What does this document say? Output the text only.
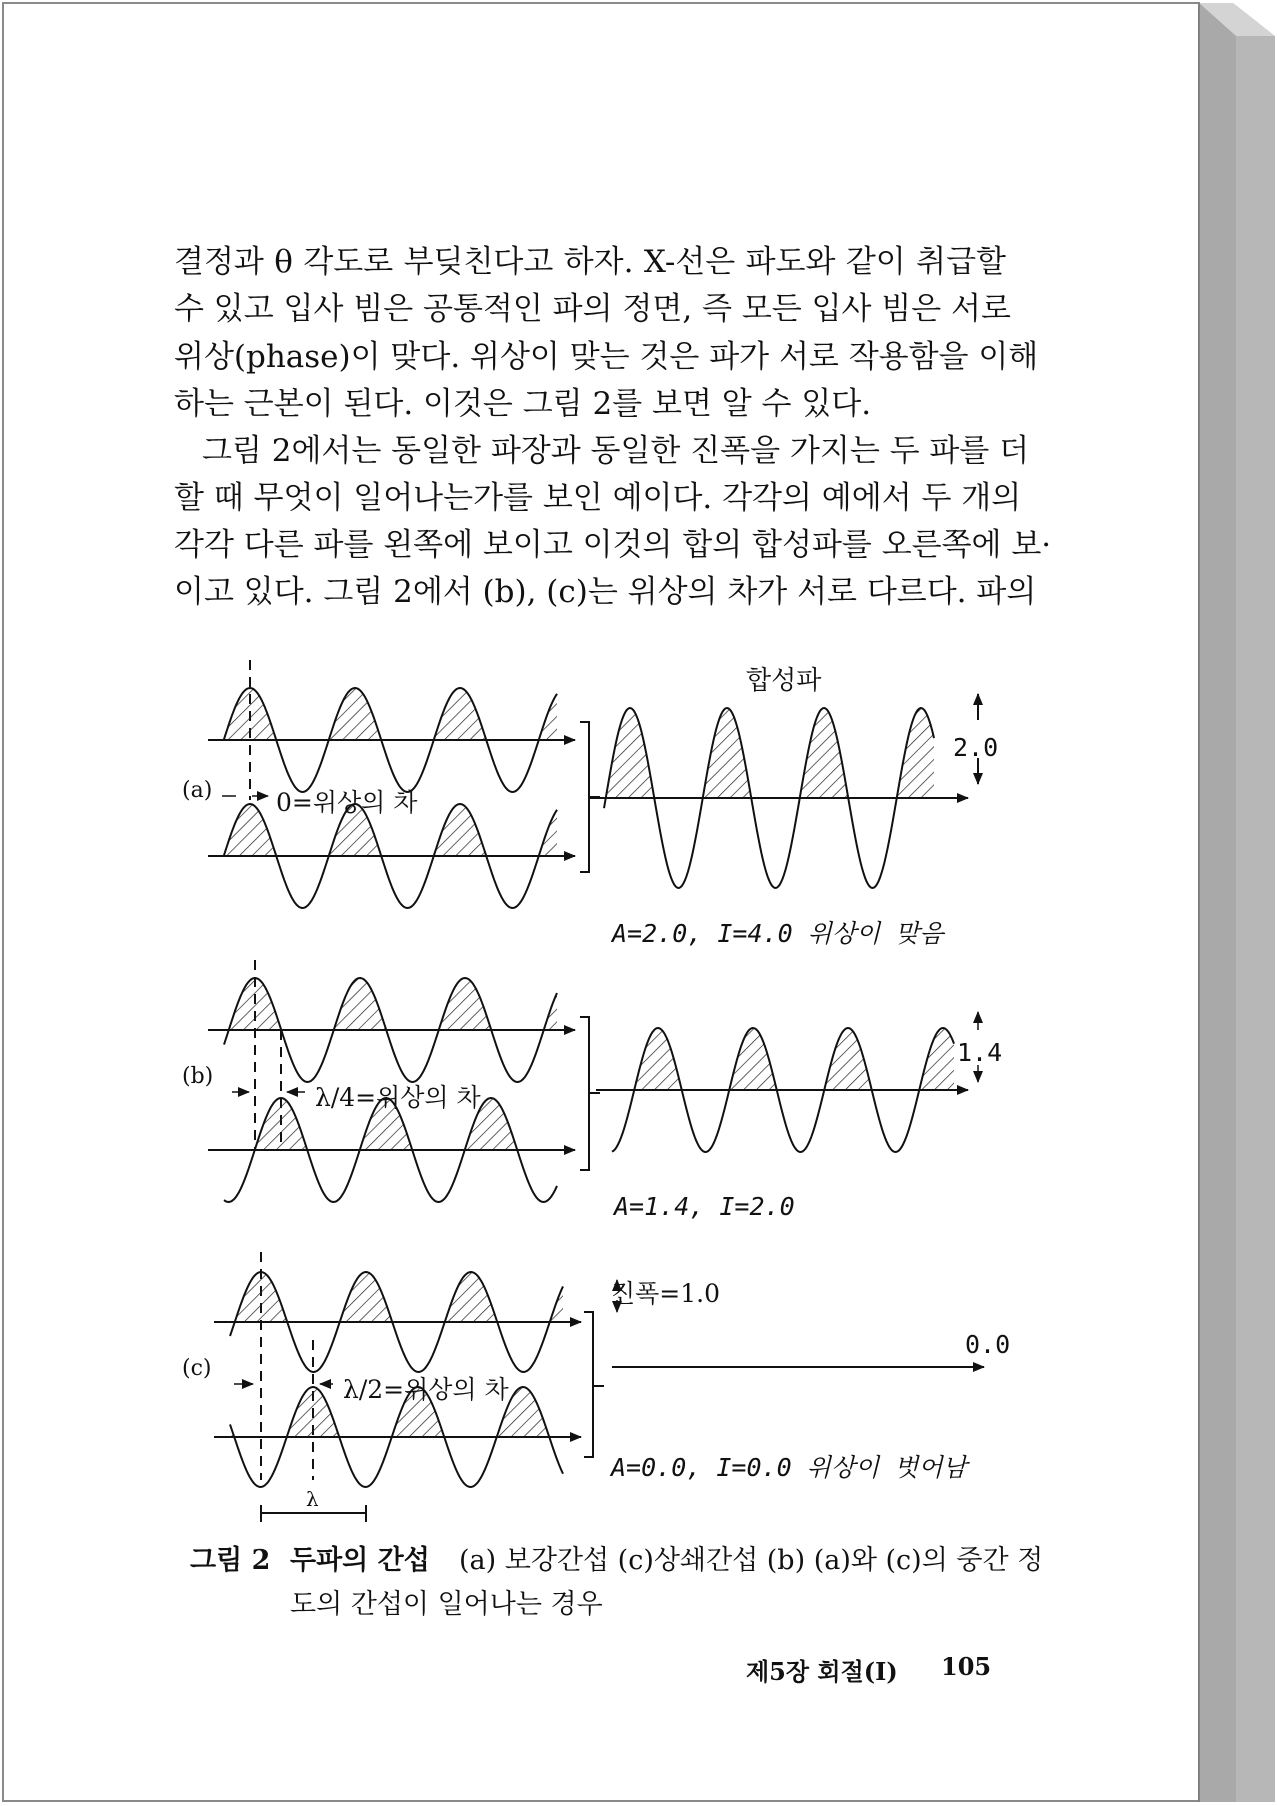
결정과 θ 각도로 부딪친다고 하자. X-선은 파도와 같이 취급할
수 있고 입사 빔은 공통적인 파의 정면, 즉 모든 입사 빔은 서로
위상(phase)이 맞다. 위상이 맞는 것은 파가 서로 작용함을 이해
하는 근본이 된다. 이것은 그림 2를 보면 알 수 있다.
그림 2에서는 동일한 파장과 동일한 진폭을 가지는 두 파를 더
할 때 무엇이 일어나는가를 보인 예이다. 각각의 예에서 두 개의
각각 다른 파를 왼쪽에 보이고 이것의 합의 합성파를 오른쪽에 보·
이고 있다. 그림 2에서 (b), (c)는 위상의 차가 서로 다르다. 파의
합성파
(a)	0=위상의 차
2.0
A=2.0, I=4.0 위상이 맞음
(b)
λ/4=위상의 차
1.4
A=1.4, I=2.0
진폭=1.0
(c)
λ/2=위상의 차
0.0
A=0.0, I=0.0 위상이 벗어남
λ
그림 2 두파의 간섭 (a) 보강간섭 (c)상쇄간섭 (b) (a)와 (c)의 중간 정
도의 간섭이 일어나는 경우
제5장 회절(Ⅰ) 105
